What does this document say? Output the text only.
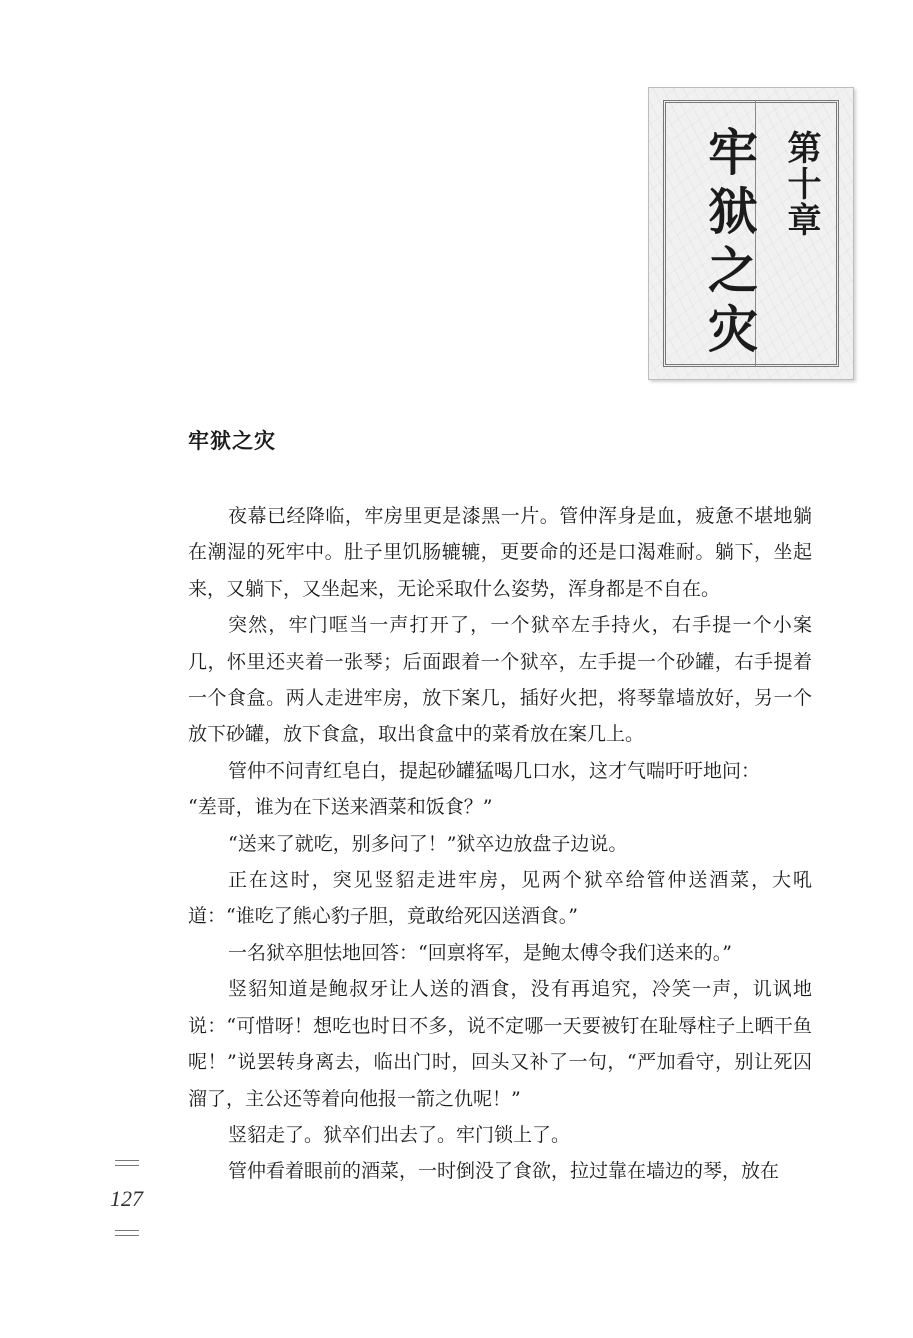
第十章
牢狱之灾
牢狱之灾

夜幕已经降临，牢房里更是漆黑一片。管仲浑身是血，疲惫不堪地躺在潮湿的死牢中。肚子里饥肠辘辘，更要命的还是口渴难耐。躺下，坐起来，又躺下，又坐起来，无论采取什么姿势，浑身都是不自在。

突然，牢门哐当一声打开了，一个狱卒左手持火，右手提一个小案几，怀里还夹着一张琴；后面跟着一个狱卒，左手提一个砂罐，右手提着一个食盒。两人走进牢房，放下案几，插好火把，将琴靠墙放好，另一个放下砂罐，放下食盒，取出食盒中的菜肴放在案几上。

管仲不问青红皂白，提起砂罐猛喝几口水，这才气喘吁吁地问：

“差哥，谁为在下送来酒菜和饭食？”

“送来了就吃，别多问了！”狱卒边放盘子边说。

正在这时，突见竖貂走进牢房，见两个狱卒给管仲送酒菜，大吼道：“谁吃了熊心豹子胆，竟敢给死囚送酒食。”

一名狱卒胆怯地回答：“回禀将军，是鲍太傅令我们送来的。”

竖貂知道是鲍叔牙让人送的酒食，没有再追究，冷笑一声，讥讽地说：“可惜呀！想吃也时日不多，说不定哪一天要被钉在耻辱柱子上晒干鱼呢！”说罢转身离去，临出门时，回头又补了一句，“严加看守，别让死囚溜了，主公还等着向他报一箭之仇呢！”

竖貂走了。狱卒们出去了。牢门锁上了。

管仲看着眼前的酒菜，一时倒没了食欲，拉过靠在墙边的琴，放在

127
